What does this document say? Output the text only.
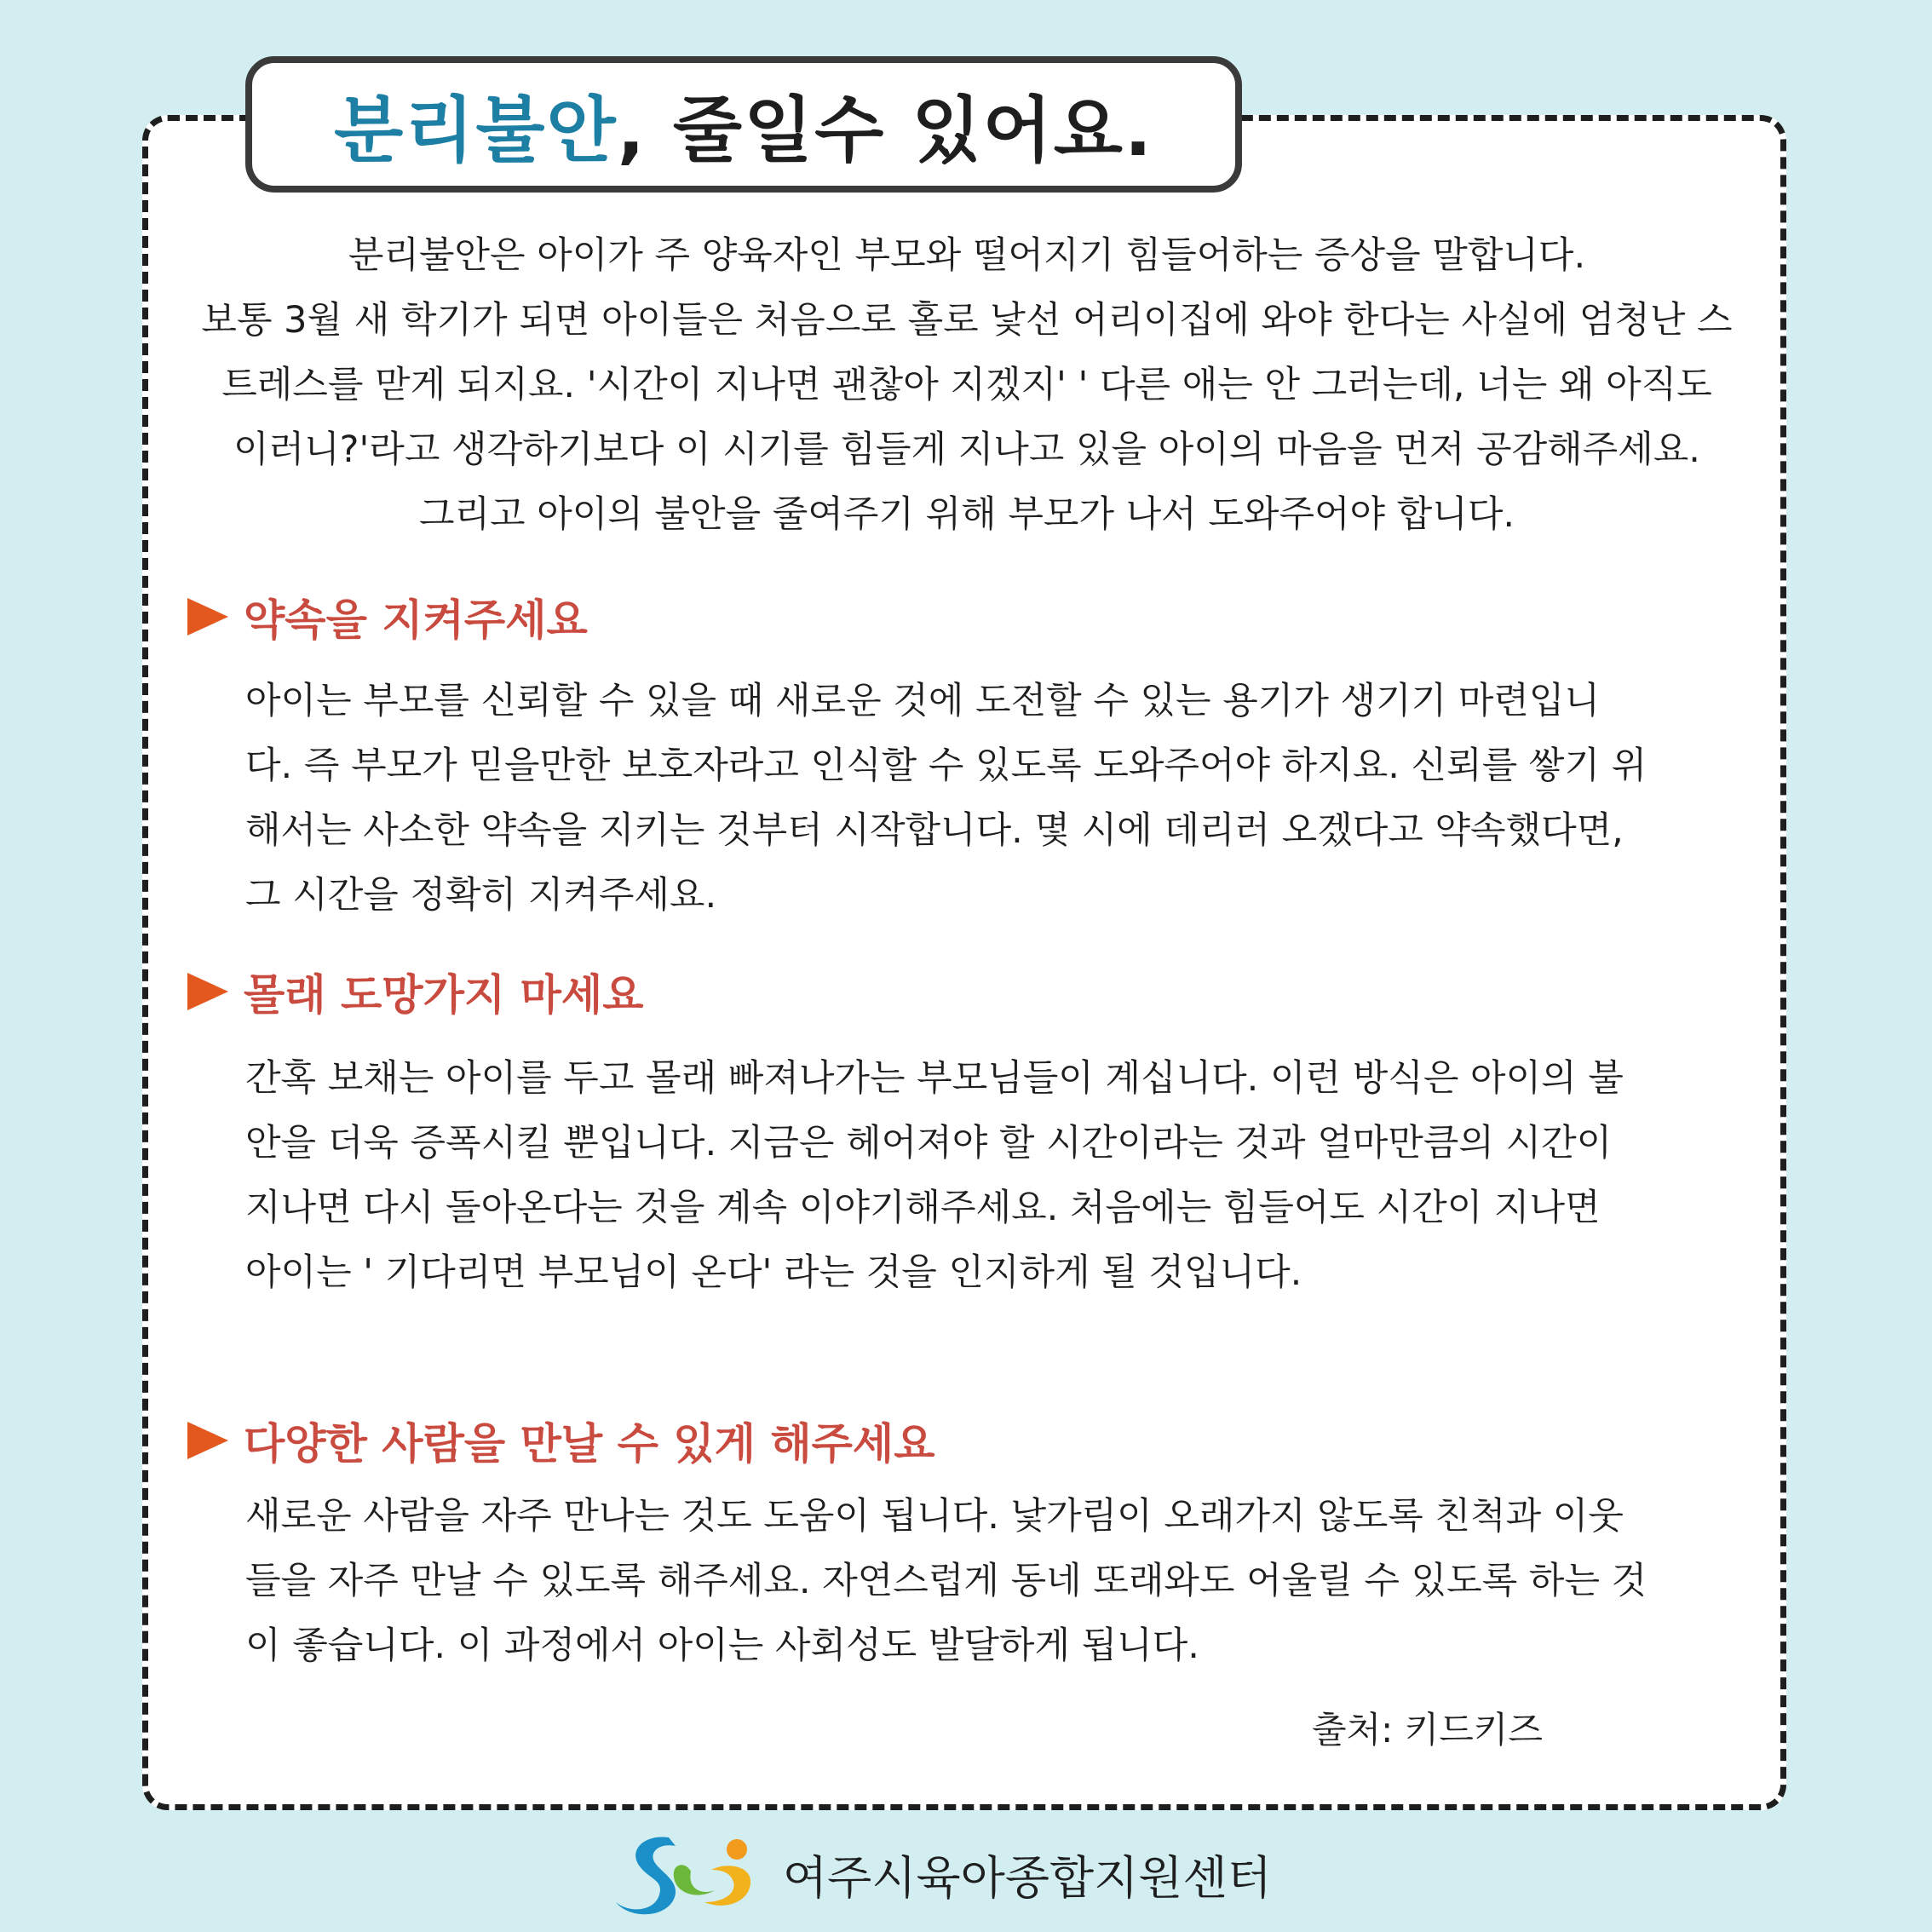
분리불안 , 줄일수 있어요.

분리불안은 아이가 주 양육자인 부모와 떨어지기 힘들어하는 증상을 말합니다.

보통 3월 새 학기가 되면 아이들은 처음으로 홀로 낯선 어리이집에 와야 한다는 사실에 엄청난 스

트레스를 맏게 되지요. '시간이 지나면 괜찮아 지겠지' ' 다른 애는 안 그러는데, 너는 왜 아직도

이러니?'라고 생각하기보다 이 시기를 힘들게 지나고 있을 아이의 마음을 먼저 공감해주세요.

그리고 아이의 불안을 줄여주기 위해 부모가 나서 도와주어야 합니다.

약속을 지켜주세요

아이는 부모를 신뢰할 수 있을 때 새로운 것에 도전할 수 있는 용기가 생기기 마련입니

다. 즉 부모가 믿을만한 보호자라고 인식할 수 있도록 도와주어야 하지요. 신뢰를 쌓기 위

해서는 사소한 약속을 지키는 것부터 시작합니다. 몇 시에 데리러 오겠다고 약속했다면,

그 시간을 정확히 지켜주세요.

몰래 도망가지 마세요

간혹 보채는 아이를 두고 몰래 빠져나가는 부모님들이 계십니다. 이런 방식은 아이의 불

안을 더욱 증폭시킬 뿐입니다. 지금은 헤어져야 할 시간이라는 것과 얼마만큼의 시간이

지나면 다시 돌아온다는 것을 계속 이야기해주세요. 처음에는 힘들어도 시간이 지나면

아이는 ' 기다리면 부모님이 온다' 라는 것을 인지하게 될 것입니다.

다양한 사람을 만날 수 있게 해주세요

새로운 사람을 자주 만나는 것도 도움이 됩니다. 낯가림이 오래가지 않도록 친척과 이웃

들을 자주 만날 수 있도록 해주세요. 자연스럽게 동네 또래와도 어울릴 수 있도록 하는 것

이 좋습니다. 이 과정에서 아이는 사회성도 발달하게 됩니다.

출처: 키드키즈
여주시육아종합지원센터
